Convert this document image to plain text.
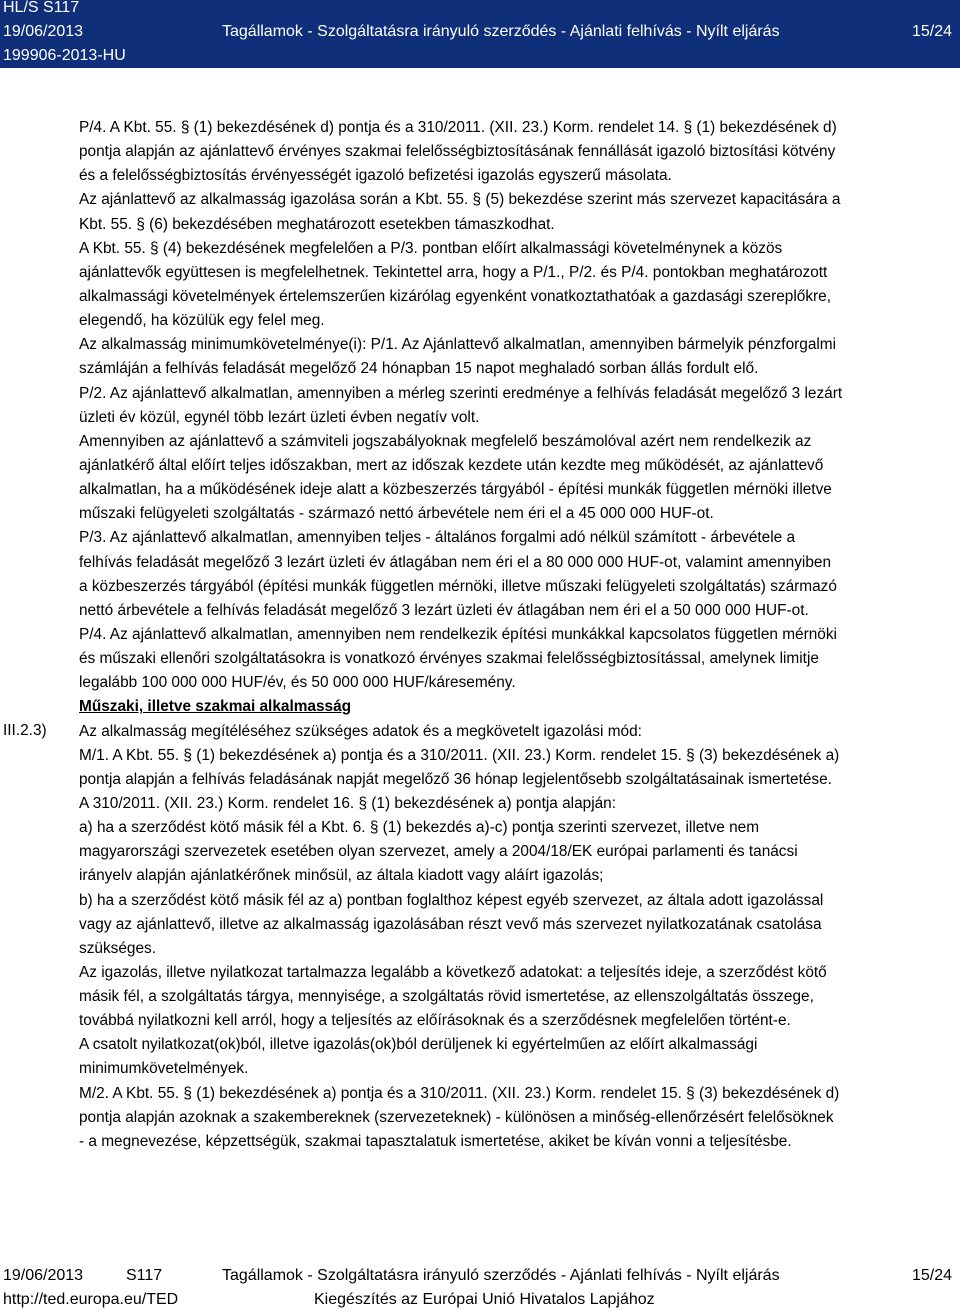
HL/S S117
19/06/2013
199906-2013-HU
Tagállamok - Szolgáltatásra irányuló szerződés - Ajánlati felhívás - Nyílt eljárás	15/24
III.2.3)
P/4. A Kbt. 55. § (1) bekezdésének d) pontja és a 310/2011. (XII. 23.) Korm. rendelet 14. § (1) bekezdésének d)
pontja alapján az ajánlattevő érvényes szakmai felelősségbiztosításának fennállását igazoló biztosítási kötvény
és a felelősségbiztosítás érvényességét igazoló befizetési igazolás egyszerű másolata.
Az ajánlattevő az alkalmasság igazolása során a Kbt. 55. § (5) bekezdése szerint más szervezet kapacitására a
Kbt. 55. § (6) bekezdésében meghatározott esetekben támaszkodhat.
A Kbt. 55. § (4) bekezdésének megfelelően a P/3. pontban előírt alkalmassági követelménynek a közös
ajánlattevők együttesen is megfelelhetnek. Tekintettel arra, hogy a P/1., P/2. és P/4. pontokban meghatározott
alkalmassági követelmények értelemszerűen kizárólag egyenként vonatkoztathatóak a gazdasági szereplőkre,
elegendő, ha közülük egy felel meg.
Az alkalmasság minimumkövetelménye(i): P/1. Az Ajánlattevő alkalmatlan, amennyiben bármelyik pénzforgalmi
számláján a felhívás feladását megelőző 24 hónapban 15 napot meghaladó sorban állás fordult elő.
P/2. Az ajánlattevő alkalmatlan, amennyiben a mérleg szerinti eredménye a felhívás feladását megelőző 3 lezárt
üzleti év közül, egynél több lezárt üzleti évben negatív volt.
Amennyiben az ajánlattevő a számviteli jogszabályoknak megfelelő beszámolóval azért nem rendelkezik az
ajánlatkérő által előírt teljes időszakban, mert az időszak kezdete után kezdte meg működését, az ajánlattevő
alkalmatlan, ha a működésének ideje alatt a közbeszerzés tárgyából - építési munkák független mérnöki illetve
műszaki felügyeleti szolgáltatás - származó nettó árbevétele nem éri el a 45 000 000 HUF-ot.
P/3. Az ajánlattevő alkalmatlan, amennyiben teljes - általános forgalmi adó nélkül számított - árbevétele a
felhívás feladását megelőző 3 lezárt üzleti év átlagában nem éri el a 80 000 000 HUF-ot, valamint amennyiben
a közbeszerzés tárgyából (építési munkák független mérnöki, illetve műszaki felügyeleti szolgáltatás) származó
nettó árbevétele a felhívás feladását megelőző 3 lezárt üzleti év átlagában nem éri el a 50 000 000 HUF-ot.
P/4. Az ajánlattevő alkalmatlan, amennyiben nem rendelkezik építési munkákkal kapcsolatos független mérnöki
és műszaki ellenőri szolgáltatásokra is vonatkozó érvényes szakmai felelősségbiztosítással, amelynek limitje
legalább 100 000 000 HUF/év, és 50 000 000 HUF/káresemény.
Műszaki, illetve szakmai alkalmasság
Az alkalmasság megítéléséhez szükséges adatok és a megkövetelt igazolási mód:
M/1. A Kbt. 55. § (1) bekezdésének a) pontja és a 310/2011. (XII. 23.) Korm. rendelet 15. § (3) bekezdésének a)
pontja alapján a felhívás feladásának napját megelőző 36 hónap legjelentősebb szolgáltatásainak ismertetése.
A 310/2011. (XII. 23.) Korm. rendelet 16. § (1) bekezdésének a) pontja alapján:
a) ha a szerződést kötő másik fél a Kbt. 6. § (1) bekezdés a)-c) pontja szerinti szervezet, illetve nem
magyarországi szervezetek esetében olyan szervezet, amely a 2004/18/EK európai parlamenti és tanácsi
irányelv alapján ajánlatkérőnek minősül, az általa kiadott vagy aláírt igazolás;
b) ha a szerződést kötő másik fél az a) pontban foglalthoz képest egyéb szervezet, az általa adott igazolással
vagy az ajánlattevő, illetve az alkalmasság igazolásában részt vevő más szervezet nyilatkozatának csatolása
szükséges.
Az igazolás, illetve nyilatkozat tartalmazza legalább a következő adatokat: a teljesítés ideje, a szerződést kötő
másik fél, a szolgáltatás tárgya, mennyisége, a szolgáltatás rövid ismertetése, az ellenszolgáltatás összege,
továbbá nyilatkozni kell arról, hogy a teljesítés az előírásoknak és a szerződésnek megfelelően történt-e.
A csatolt nyilatkozat(ok)ból, illetve igazolás(ok)ból derüljenek ki egyértelműen az előírt alkalmassági
minimumkövetelmények.
M/2. A Kbt. 55. § (1) bekezdésének a) pontja és a 310/2011. (XII. 23.) Korm. rendelet 15. § (3) bekezdésének d)
pontja alapján azoknak a szakembereknek (szervezeteknek) - különösen a minőség-ellenőrzésért felelősöknek
- a megnevezése, képzettségük, szakmai tapasztalatuk ismertetése, akiket be kíván vonni a teljesítésbe.
19/06/2013	S117	Tagállamok - Szolgáltatásra irányuló szerződés - Ajánlati felhívás - Nyílt eljárás	15/24
http://ted.europa.eu/TED	Kiegészítés az Európai Unió Hivatalos Lapjához
